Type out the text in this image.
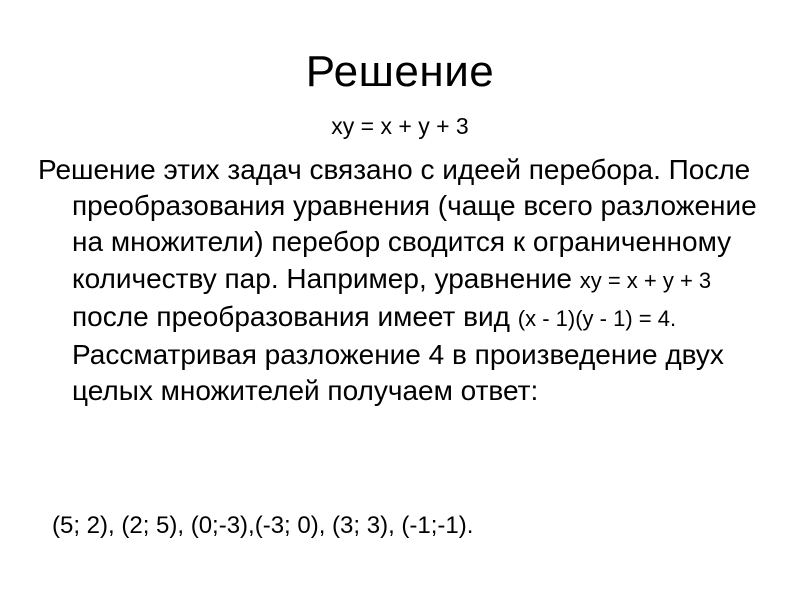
Решение
xy = x + y + 3

Решение этих задач связано с идеей перебора. После преобразования уравнения (чаще всего разложение на множители) перебор сводится к ограниченному количеству пар. Например, уравнение xy = x + y + 3 после преобразования имеет вид (x - 1)(y - 1) = 4. Рассматривая разложение 4 в произведение двух целых множителей получаем ответ:

(5; 2), (2; 5), (0;-3),(-3; 0), (3; 3), (-1;-1).
